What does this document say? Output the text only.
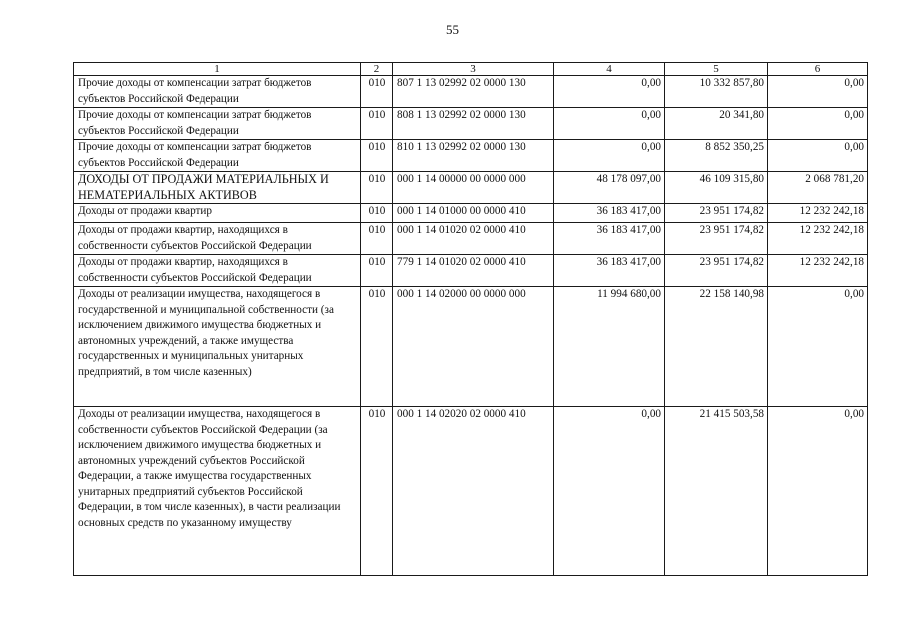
55
1	2	3	4	5	6
Прочие доходы от компенсации затрат бюджетов субъектов Российской Федерации	010	807 1 13 02992 02 0000 130	0,00	10 332 857,80	0,00
Прочие доходы от компенсации затрат бюджетов субъектов Российской Федерации	010	808 1 13 02992 02 0000 130	0,00	20 341,80	0,00
Прочие доходы от компенсации затрат бюджетов субъектов Российской Федерации	010	810 1 13 02992 02 0000 130	0,00	8 852 350,25	0,00
ДОХОДЫ ОТ ПРОДАЖИ МАТЕРИАЛЬНЫХ И НЕМАТЕРИАЛЬНЫХ АКТИВОВ	010	000 1 14 00000 00 0000 000	48 178 097,00	46 109 315,80	2 068 781,20
Доходы от продажи квартир	010	000 1 14 01000 00 0000 410	36 183 417,00	23 951 174,82	12 232 242,18
Доходы от продажи квартир, находящихся в собственности субъектов Российской Федерации	010	000 1 14 01020 02 0000 410	36 183 417,00	23 951 174,82	12 232 242,18
Доходы от продажи квартир, находящихся в собственности субъектов Российской Федерации	010	779 1 14 01020 02 0000 410	36 183 417,00	23 951 174,82	12 232 242,18
Доходы от реализации имущества, находящегося в государственной и муниципальной собственности (за исключением движимого имущества бюджетных и автономных учреждений, а также имущества государственных и муниципальных унитарных предприятий, в том числе казенных)	010	000 1 14 02000 00 0000 000	11 994 680,00	22 158 140,98	0,00
Доходы от реализации имущества, находящегося в собственности субъектов Российской Федерации (за исключением движимого имущества бюджетных и автономных учреждений субъектов Российской Федерации, а также имущества государственных унитарных предприятий субъектов Российской Федерации, в том числе казенных), в части реализации основных средств по указанному имуществу	010	000 1 14 02020 02 0000 410	0,00	21 415 503,58	0,00
